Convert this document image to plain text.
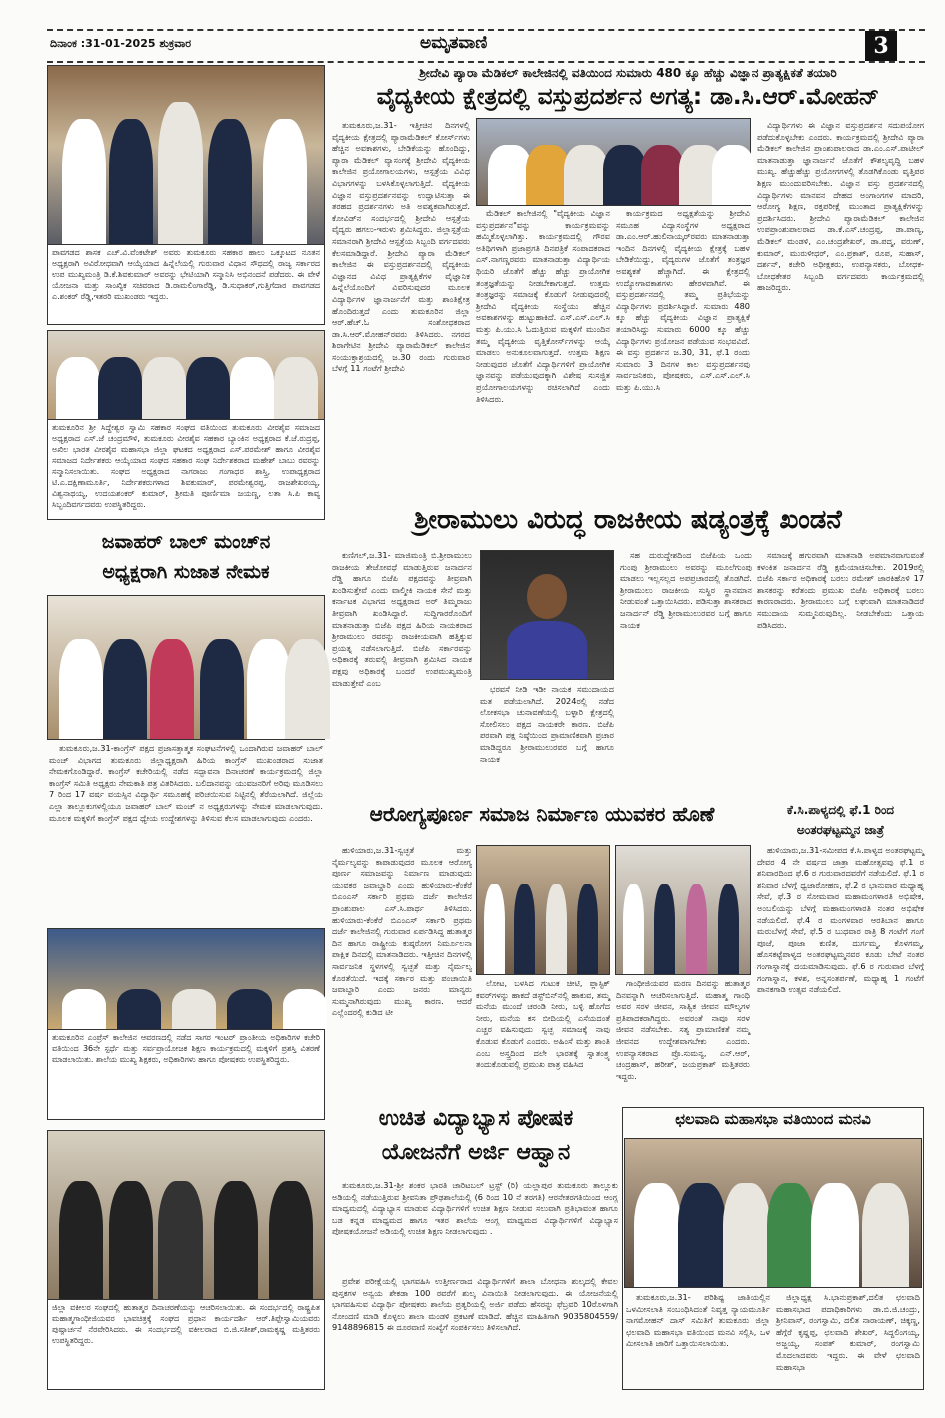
ದಿನಾಂಕ :31-01-2025 ಶುಕ್ರವಾರ	ಅಮೃತವಾಣಿ	3
ಪಾವಗಡದ ಶಾಸಕ ಎಚ್.ವಿ.ವೆಂಕಟೇಶ್ ಅವರು ತುಮಕೂರು ಸಹಕಾರ ಹಾಲು ಒಕ್ಕೂಟದ ನೂತನ ಅಧ್ಯಕ್ಷರಾಗಿ ಅವಿರೋಧವಾಗಿ ಆಯ್ಕೆಯಾದ ಹಿನ್ನೆಲೆಯಲ್ಲಿ ಗುರುವಾರ ವಿಧಾನ ಸೌಧದಲ್ಲಿ ರಾಜ್ಯ ಸರ್ಕಾರದ ಉಪ ಮುಖ್ಯಮಂತ್ರಿ ಡಿ.ಕೆ.ಶಿವಕುಮಾರ್ ಅವರನ್ನು ಭೇಟಿಯಾಗಿ ಸನ್ಮಾನಿಸಿ ಅಭಿನಂದನೆ ಪಡೆದರು. ಈ ವೇಳೆ ಯೋಜನಾ ಮತ್ತು ಸಾಂಖ್ಯಿಕ ಸಚಿವರಾದ ಡಿ.ರಾಮಲಿಂಗಾರೆಡ್ಡಿ, ಡಿ.ಸುಧಾಕರ್,ಗುತ್ತಿಗೆದಾರ ಪಾವಗಡದ ಎ.ಶಂಕರ್ ರೆಡ್ಡಿ,ಇತರರಿ ಮುಖಂಡರು ಇದ್ದರು.
ತುಮಕೂರಿನ ಶ್ರೀ ಸಿದ್ದೇಶ್ವರ ಸ್ವಾಮಿ ಸಹಕಾರ ಸಂಘದ ವತಿಯಿಂದ ತುಮಕೂರು ವೀರಶೈವ ಸಮಾಜದ ಅಧ್ಯಕ್ಷರಾದ ಎಸ್.ಜೆ ಚಂದ್ರಮೌಳಿ, ತುಮಕೂರು ವೀರಶೈವ ಸಹಕಾರ ಬ್ಯಾಂಕಿನ ಅಧ್ಯಕ್ಷರಾದ ಕೆ.ಜೆ.ರುದ್ರಪ್ಪ, ಅಖಿಲ ಭಾರತ ವೀರಶೈವ ಮಹಾಸಭಾ ಜಿಲ್ಲಾ ಘಟಕದ ಅಧ್ಯಕ್ಷರಾದ ಎಸ್.ಪರಮೇಶ್ ಹಾಗೂ ವೀರಶೈವ ಸಮಾಜದ ನಿರ್ದೇಶಕರು ಆಯ್ಕೆಯಾದ ಸಂಘದ ಸಹಕಾರ ಸಂಘ ನಿರ್ದೇಶಕರಾದ ಮಹೇಶ್ ಬಾಬು ರವರನ್ನು ಸನ್ಮಾನಿಸಲಾಯಿತು. ಸಂಘದ ಅಧ್ಯಕ್ಷರಾದ ನಾಗರಾಜು ಗಂಗಾಧರ ಶಾಸ್ತ್ರಿ, ಉಪಾಧ್ಯಕ್ಷರಾದ ಟಿ.ಎ.ದಕ್ಷಿಣಾಮೂರ್ತಿ, ನಿರ್ದೇಶಕರುಗಳಾದ ಶಿವಕುಮಾರ್, ಪರಮೇಶ್ವರಪ್ಪ, ರಾಜಶೇಖರಯ್ಯ, ವಿಶ್ವನಾಥಯ್ಯ, ಉದಯಶಂಕರ್ ಕುಮಾರ್, ಶ್ರೀಮತಿ ಪೂರ್ಣಿಮಾ ಜಯಣ್ಣ, ಲತಾ ಸಿ.ಪಿ ಕಾವ್ಯ ಸಿಬ್ಬಂದಿವರ್ಗದವರು ಉಪಸ್ಥಿತರಿದ್ದರು.
ಜವಾಹರ್ ಬಾಲ್ ಮಂಚ್‌ನ
ಅಧ್ಯಕ್ಷರಾಗಿ ಸುಜಾತ ನೇಮಕ
ತುಮಕೂರು,ಜ.31-ಕಾಂಗ್ರೆಸ್ ಪಕ್ಷದ ಪ್ರಜಾಸತ್ತಾತ್ಮಕ ಸಂಘಟನೆಗಳಲ್ಲಿ ಒಂದಾಗಿರುವ ಜವಾಹರ್ ಬಾಲ್ ಮಂಚ್ ವಿಭಾಗದ ತುಮಕೂರು ಜಿಲ್ಲಾಧ್ಯಕ್ಷರಾಗಿ ಹಿರಿಯ ಕಾಂಗ್ರೆಸ್ ಮುಖಂಡರಾದ ಸುಜಾತ ನೇಮಕಗೊಂಡಿದ್ದಾರೆ. ಕಾಂಗ್ರೆಸ್ ಕಚೇರಿಯಲ್ಲಿ ನಡೆದ ಸದ್ಭಾವನಾ ದಿನಾಚರಣೆ ಕಾರ್ಯಕ್ರಮದಲ್ಲಿ ಜಿಲ್ಲಾ ಕಾಂಗ್ರೆಸ್ ಸಮಿತಿ ಅಧ್ಯಕ್ಷರು ನೇಮಕಾತಿ ಪತ್ರ ವಿತರಿಸಿದರು. ಬಲಿದಾನವನ್ನು ಯುವಜನರಿಗೆ ಅರಿವು ಮೂಡಿಸಲು 7 ರಿಂದ 17 ವರ್ಷ ವಯಸ್ಸಿನ ವಿದ್ಯಾರ್ಥಿ ಸಮೂಹಕ್ಕೆ ಪರಿಚಯಿಸುವ ನಿಟ್ಟಿನಲ್ಲಿ ತೆರೆಯಲಾಗಿದೆ. ಜಿಲ್ಲೆಯ ಎಲ್ಲಾ ತಾಲ್ಲೂಕುಗಳಲ್ಲಿಯೂ ಜವಾಹರ್ ಬಾಲ್ ಮಂಚ್ ನ ಅಧ್ಯಕ್ಷರುಗಳನ್ನು ನೇಮಕ ಮಾಡಲಾಗುವುದು. ಮೂಲಕ ಮಕ್ಕಳಿಗೆ ಕಾಂಗ್ರೆಸ್ ಪಕ್ಷದ ಧ್ಯೇಯ ಉದ್ದೇಶಗಳನ್ನು ತಿಳಿಸುವ ಕೆಲಸ ಮಾಡಲಾಗುವುದು ಎಂದರು.
ತುಮಕೂರಿನ ಎಂಪ್ರೆಸ್ ಕಾಲೇಜಿನ ಆವರಣದಲ್ಲಿ ನಡೆದ ಸಾಗರ ಇಂಟರ್ ಪ್ರಾಂತೀಯ ಅಧಿಕಾರಿಗಳ ಕಚೇರಿ ವತಿಯಿಂದ 36ನೇ ಸ್ಪರ್ಧೆ ಮತ್ತು ಸರ್ವಪ್ರಾಯೋಜಕ ಶಿಕ್ಷಣ ಕಾರ್ಯಕ್ರಮದಲ್ಲಿ ಮಕ್ಕಳಿಗೆ ಪ್ರಶಸ್ತಿ ವಿತರಣೆ ಮಾಡಲಾಯಿತು. ಶಾಲೆಯ ಮುಖ್ಯ ಶಿಕ್ಷಕರು, ಅಧಿಕಾರಿಗಳು ಹಾಗೂ ಪೋಷಕರು ಉಪಸ್ಥಿತರಿದ್ದರು.
ಜಿಲ್ಲಾ ವಕೀಲರ ಸಂಘದಲ್ಲಿ ಹುತಾತ್ಮರ ದಿನಾಚರಣೆಯನ್ನು ಆಚರಿಸಲಾಯಿತು. ಈ ಸಂದರ್ಭದಲ್ಲಿ ರಾಷ್ಟ್ರಪಿತ ಮಹಾತ್ಮಗಾಂಧೀಜಿಯವರ ಭಾವಚಿತ್ರಕ್ಕೆ ಸಂಘದ ಪ್ರಧಾನ ಕಾರ್ಯದರ್ಶಿ ಆರ್.ತಿಪ್ಪೇಸ್ವಾಮಿಯವರು ಪುಷ್ಪಾರ್ಚನೆ ನೆರವೇರಿಸಿದರು. ಈ ಸಂದರ್ಭದಲ್ಲಿ ವಕೀಲರಾದ ಬಿ.ಜಿ.ಸತೀಶ್,ರಾಮಕೃಷ್ಣ ಮತ್ತಿತರರು ಉಪಸ್ಥಿತರಿದ್ದರು.
ಶ್ರೀದೇವಿ ಪ್ಯಾರಾ ಮೆಡಿಕಲ್ ಕಾಲೇಜಿನಲ್ಲಿ ವತಿಯಿಂದ ಸುಮಾರು 480 ಕ್ಕೂ ಹೆಚ್ಚು ವಿಜ್ಞಾನ ಪ್ರಾತ್ಯಕ್ಷಿಕತೆ ತಯಾರಿ
ವೈದ್ಯಕೀಯ ಕ್ಷೇತ್ರದಲ್ಲಿ ವಸ್ತುಪ್ರದರ್ಶನ ಅಗತ್ಯ: ಡಾ.ಸಿ.ಆರ್.ಮೋಹನ್
ತುಮಕೂರು,ಜ.31- ಇತ್ತೀಚಿನ ದಿನಗಳಲ್ಲಿ ವೈದ್ಯಕೀಯ ಕ್ಷೇತ್ರದಲ್ಲಿ ಪ್ಯಾರಾಮೆಡಿಕಲ್ ಕೋರ್ಸ್‌ಗಳು ಹೆಚ್ಚಿನ ಅವಕಾಶಗಳು, ಬೇಡಿಕೆಯನ್ನು ಹೊಂದಿದ್ದು, ಪ್ಯಾರಾ ಮೆಡಿಕಲ್ ವ್ಯಾಸಂಗಕ್ಕೆ ಶ್ರೀದೇವಿ ವೈದ್ಯಕೀಯ ಕಾಲೇಜಿನ ಪ್ರಯೋಗಾಲಯಗಳು, ಆಸ್ಪತ್ರೆಯ ವಿವಿಧ ವಿಭಾಗಗಳನ್ನು ಬಳಸಿಕೊಳ್ಳಲಾಗುತ್ತಿದೆ. ವೈದ್ಯಕೀಯ ವಿಜ್ಞಾನ ವಸ್ತುಪ್ರದರ್ಶನವನ್ನು ಉದ್ಘಾಟಿಸುತ್ತಾ ಈ ತರಹದ ಪ್ರದರ್ಶನಗಳು ಅತಿ ಅವಶ್ಯಕವಾಗಿರುತ್ತದೆ. ಕೋವಿಡ್‌ನ ಸಂದರ್ಭದಲ್ಲಿ ಶ್ರೀದೇವಿ ಆಸ್ಪತ್ರೆಯ ವೈದ್ಯರು ಹಗಲು-ಇರುಳು ಶ್ರಮಿಸಿದ್ದರು. ಜಿಲ್ಲಾಸ್ಪತ್ರೆಯ ಸಮಾನರಾಗಿ ಶ್ರೀದೇವಿ ಆಸ್ಪತ್ರೆಯ ಸಿಬ್ಬಂದಿ ವರ್ಗದವರು ಕೆಲಸಮಾಡಿದ್ದಾರೆ. ಶ್ರೀದೇವಿ ಪ್ಯಾರಾ ಮೆಡಿಕಲ್ ಕಾಲೇಜಿನ ಈ ವಸ್ತುಪ್ರದರ್ಶನದಲ್ಲಿ ವೈದ್ಯಕೀಯ ವಿಜ್ಞಾನದ ವಿವಿಧ ಪ್ರಾತ್ಯಕ್ಷಿಕೆಗಳ ವೈಜ್ಞಾನಿಕ ಹಿನ್ನೆಲೆಯೊಂದಿಗೆ ವಿವರಿಸುವುದರ ಮೂಲಕ ವಿದ್ಯಾರ್ಥಿಗಳ ಜ್ಞಾನಾರ್ಜನೆಗೆ ಮತ್ತು ಶಾಂತಿಕ್ಷೇತ್ರ ಹೊಂದಿರುತ್ತದೆ ಎಂದು ತುಮಕೂರಿನ ಜಿಲ್ಲಾ ಆರ್.ಹೆಚ್.ಓ ಸಂಶೋಧಕರಾದ ಡಾ.ಸಿ.ಆರ್.ಮೋಹನ್‌ರವರು ತಿಳಿಸಿದರು. ನಗರದ ಶಿರಾಗೇಟಿನ ಶ್ರೀದೇವಿ ಪ್ಯಾರಾಮೆಡಿಕಲ್ ಕಾಲೇಜಿನ ಸಂಯುಕ್ತಾಶ್ರಯದಲ್ಲಿ ಜ.30 ರಂದು ಗುರುವಾರ ಬೆಳಗ್ಗೆ 11 ಗಂಟೆಗೆ ಶ್ರೀದೇವಿ
ಮೆಡಿಕಲ್ ಕಾಲೇಜಿನಲ್ಲಿ "ವೈದ್ಯಕೀಯ ವಿಜ್ಞಾನ ವಸ್ತುಪ್ರದರ್ಶನ"ವನ್ನು ಕಾರ್ಯಕ್ರಮವನ್ನು ಹಮ್ಮಿಕೊಳ್ಳಲಾಗಿತ್ತು. ಕಾರ್ಯಕ್ರಮದಲ್ಲಿ ಗೌರವ ಅತಿಥಿಗಳಾಗಿ ಪ್ರಜಾಪ್ರಗತಿ ದಿನಪತ್ರಿಕೆ ಸಂಪಾದಕರಾದ ಎಸ್.ನಾಗಣ್ಣರವರು ಮಾತನಾಡುತ್ತಾ ವಿದ್ಯಾರ್ಥಿಯ ಥಿಯರಿ ಜೊತೆಗೆ ಹೆಚ್ಚು ಹೆಚ್ಚು ಪ್ರಾಯೋಗಿಕ ತಂತ್ರಜ್ಞತೆಯನ್ನು ನೀಡಬೇಕಾಗುತ್ತದೆ. ಉತ್ತಮ ತಂತ್ರಜ್ಞರನ್ನು ಸಮಾಜಕ್ಕೆ ಕೊಡುಗೆ ನೀಡುವುದರಲ್ಲಿ ಶ್ರೀದೇವಿ ವೈದ್ಯಕೀಯ ಸಂಸ್ಥೆಯು ಹೆಚ್ಚಿನ ಅವಕಾಶಗಳನ್ನು ಹುಟ್ಟುಹಾಕಿದೆ. ಎಸ್.ಎಸ್.ಎಲ್.ಸಿ ಮತ್ತು ಪಿ.ಯು.ಸಿ ಓದುತ್ತಿರುವ ಮಕ್ಕಳಿಗೆ ಮುಂದಿನ ತಮ್ಮ ವೈದ್ಯಕೀಯ ವೃತ್ತಿಕೋರ್ಸ್‌ಗಳನ್ನು ಆಯ್ಕೆ ಮಾಡಲು ಅನುಕೂಲವಾಗುತ್ತದೆ. ಉತ್ತಮ ಶಿಕ್ಷಣ ನೀಡುವುದರ ಜೊತೆಗೆ ವಿದ್ಯಾರ್ಥಿಗಳಿಗೆ ಪ್ರಾಯೋಗಿಕ ಜ್ಞಾನವನ್ನು ಪಡೆಯುವುದಕ್ಕಾಗಿ ವಿಶೇಷ ಸುಸಜ್ಜಿತ ಪ್ರಯೋಗಾಲಯಗಳನ್ನು ರಚಿಸಲಾಗಿದೆ ಎಂದು ತಿಳಿಸಿದರು.
ಕಾರ್ಯಕ್ರಮದ ಅಧ್ಯಕ್ಷತೆಯನ್ನು ಶ್ರೀದೇವಿ ಸಮೂಹ ವಿದ್ಯಾಸಂಸ್ಥೆಗಳ ಅಧ್ಯಕ್ಷರಾದ ಡಾ.ಎಂ.ಆರ್.ಹುಲಿನಾಯ್ಕರ್‌ರವರು ಮಾತನಾಡುತ್ತಾ ಇಂದಿನ ದಿನಗಳಲ್ಲಿ ವೈದ್ಯಕೀಯ ಕ್ಷೇತ್ರಕ್ಕೆ ಬಹಳ ಬೇಡಿಕೆಯಿದ್ದು, ವೈದ್ಯರುಗಳ ಜೊತೆಗೆ ತಂತ್ರಜ್ಞರ ಅವಶ್ಯಕತೆ ಹೆಚ್ಚಾಗಿದೆ. ಈ ಕ್ಷೇತ್ರದಲ್ಲಿ ಉದ್ಯೋಗಾವಕಾಶಗಳು ಹೇರಳವಾಗಿವೆ. ಈ ವಸ್ತುಪ್ರದರ್ಶನದಲ್ಲಿ ತಮ್ಮ ಪ್ರತಿಭೆಯನ್ನು ವಿದ್ಯಾರ್ಥಿಗಳು ಪ್ರದರ್ಶಿಸಿದ್ದಾರೆ. ಸುಮಾರು 480 ಕ್ಕೂ ಹೆಚ್ಚು ವೈದ್ಯಕೀಯ ವಿಜ್ಞಾನ ಪ್ರಾತ್ಯಕ್ಷಿಕೆ ತಯಾರಿಸಿದ್ದು ಸುಮಾರು 6000 ಕ್ಕೂ ಹೆಚ್ಚು ವಿದ್ಯಾರ್ಥಿಗಳು ಪ್ರಯೋಜನ ಪಡೆಯುವ ಸಂಭವವಿದೆ. ಈ ವಸ್ತು ಪ್ರದರ್ಶನ ಜ.30, 31, ಫೆ.1 ರಂದು ಸುಮಾರು 3 ದಿನಗಳ ಕಾಲ ವಸ್ತುಪ್ರದರ್ಶನವು ಸಾರ್ವಜನಿಕರು, ಪೋಷಕರು, ಎಸ್.ಎಸ್.ಎಲ್.ಸಿ ಮತ್ತು ಪಿ.ಯು.ಸಿ
ವಿದ್ಯಾರ್ಥಿಗಳು ಈ ವಿಜ್ಞಾನ ವಸ್ತುಪ್ರದರ್ಶನ ಸದುಪಯೋಗ ಪಡೆದುಕೊಳ್ಳಬೇಕು ಎಂದರು. ಕಾರ್ಯಕ್ರಮದಲ್ಲಿ ಶ್ರೀದೇವಿ ಪ್ಯಾರಾ ಮೆಡಿಕಲ್ ಕಾಲೇಜಿನ ಪ್ರಾಂಶುಪಾಲರಾದ ಡಾ.ಎಂ.ಎಸ್.ಪಾಟೀಲ್ ಮಾತನಾಡುತ್ತಾ ಜ್ಞಾನಾರ್ಜನೆ ಜೊತೆಗೆ ಕೌಶಲ್ಯವೃದ್ಧಿ ಬಹಳ ಮುಖ್ಯ. ಹೆಚ್ಚುಹೆಚ್ಚು ಪ್ರಯೋಗಗಳಲ್ಲಿ ತೊಡಗಿಕೊಂಡು ವೃತ್ತಿಪರ ಶಿಕ್ಷಣ ಮುಂದುವರಿಸಬೇಕು. ವಿಜ್ಞಾನ ವಸ್ತು ಪ್ರದರ್ಶನದಲ್ಲಿ ವಿದ್ಯಾರ್ಥಿಗಳು ಮಾನವನ ದೇಹದ ಅಂಗಾಂಗಗಳ ಮಾದರಿ, ಆರೋಗ್ಯ ಶಿಕ್ಷಣ, ರಕ್ತಪರೀಕ್ಷೆ ಮುಂತಾದ ಪ್ರಾತ್ಯಕ್ಷಿಕೆಗಳನ್ನು ಪ್ರದರ್ಶಿಸಿದರು. ಶ್ರೀದೇವಿ ಪ್ಯಾರಾಮೆಡಿಕಲ್ ಕಾಲೇಜಿನ ಉಪಪ್ರಾಂಶುಪಾಲರಾದ ಡಾ.ಕೆ.ಎಸ್.ಚಂದ್ರಪ್ಪ, ಡಾ.ಪಾಣ್ಯ, ಮೆಡಿಕಲ್ ಮಂಡಳಿ, ಎಂ.ಚಂದ್ರಶೇಖರ್, ಡಾ.ಪದ್ಮ, ವರುಣ್, ಕುಮಾರ್, ಮುರುಳೀಧರ್, ಎಂ.ಪ್ರಕಾಶ್, ರೂಪ, ಸುಹಾಸ್, ದರ್ಶನ್, ಕಚೇರಿ ಅಧೀಕ್ಷಕರು, ಉಪನ್ಯಾಸಕರು, ಬೋಧಕ-ಬೋಧಕೇತರ ಸಿಬ್ಬಂದಿ ವರ್ಗದವರು ಕಾರ್ಯಕ್ರಮದಲ್ಲಿ ಹಾಜರಿದ್ದರು.
ಶ್ರೀರಾಮುಲು ವಿರುದ್ಧ ರಾಜಕೀಯ ಷಡ್ಯಂತ್ರಕ್ಕೆ ಖಂಡನೆ
ಕುಣಿಗಲ್,ಜ.31- ಮಾಜಿಮಂತ್ರಿ ಬಿ.ಶ್ರೀರಾಮುಲು ರಾಜಕೀಯ ತೇಜೋವಧೆ ಮಾಡುತ್ತಿರುವ ಜನಾರ್ದನ ರೆಡ್ಡಿ ಹಾಗೂ ಬಿಜೆಪಿ ಪಕ್ಷದವನ್ನು ತೀವ್ರವಾಗಿ ಖಂಡಿಸುತ್ತೇವೆ ಎಂದು ವಾಲ್ಮೀಕಿ ನಾಯಕ ಸೇನೆ ಮತ್ತು ಕರ್ನಾಟಕ ವಿಭಾಗದ ಅಧ್ಯಕ್ಷರಾದ ಅರ್ ತಿಮ್ಮರಾಜು ತೀವ್ರವಾಗಿ ಖಂಡಿಸಿದ್ದಾರೆ. ಸುದ್ದಿಗಾರರೊಂದಿಗೆ ಮಾತನಾಡುತ್ತಾ ಬಿಜೆಪಿ ಪಕ್ಷದ ಹಿರಿಯ ನಾಯಕರಾದ ಶ್ರೀರಾಮುಲು ರವರನ್ನು ರಾಜಕೀಯವಾಗಿ ಹತ್ತಿಕ್ಕುವ ಪ್ರಯತ್ನ ನಡೆಸಲಾಗುತ್ತಿದೆ. ಬಿಜೆಪಿ ಸರ್ಕಾರವನ್ನು ಅಧಿಕಾರಕ್ಕೆ ತರುವಲ್ಲಿ ತೀವ್ರವಾಗಿ ಶ್ರಮಿಸಿದ ನಾಯಕ ಪಕ್ಷವು ಅಧಿಕಾರಕ್ಕೆ ಬಂದರೆ ಉಪಮುಖ್ಯಮಂತ್ರಿ ಮಾಡುತ್ತೇವೆ ಎಂಬ
ಭರವಸೆ ನೀಡಿ ಇಡೀ ನಾಯಕ ಸಮುದಾಯದ ಮತ ಪಡೆಯಲಾಗಿದೆ. 2024ರಲ್ಲಿ ನಡೆದ ಲೋಕಸಭಾ ಚುನಾವಣೆಯಲ್ಲಿ ಬಳ್ಳಾರಿ ಕ್ಷೇತ್ರದಲ್ಲಿ ಸೋಲಿಸಲು ಪಕ್ಷದ ನಾಯಕರೇ ಕಾರಣ. ಬಿಜೆಪಿ ಪರವಾಗಿ ಪಕ್ಷ ನಿಷ್ಠೆಯಿಂದ ಪ್ರಾಮಾಣಿಕವಾಗಿ ಪ್ರಚಾರ ಮಾಡಿದ್ದರೂ ಶ್ರೀರಾಮುಲುರವರ ಬಗ್ಗೆ ಹಾಗೂ ನಾಯಕ
ಸಹ ದುರುದ್ದೇಶದಿಂದ ಬಿಜೆಪಿಯ ಒಂದು ಗುಂಪು ಶ್ರೀರಾಮುಲು ಅವರನ್ನು ಮೂಲೆಗುಂಪು ಮಾಡಲು ಇಲ್ಲಸಲ್ಲದ ಅಪಪ್ರಚಾರದಲ್ಲಿ ತೊಡಗಿದೆ. ಶ್ರೀರಾಮುಲು ರಾಜಕೀಯ ಸುಸ್ಥಿರ ಸ್ಥಾನಮಾನ ನೀಡುವಂತೆ ಒತ್ತಾಯಿಸಿದರು. ಪಡಿಸುತ್ತಾ ಶಾಸಕರಾದ ಜನಾರ್ದನ್ ರೆಡ್ಡಿ ಶ್ರೀರಾಮುಲುರವರ ಬಗ್ಗೆ ಹಾಗೂ ನಾಯಕ
ಸಮಾಜಕ್ಕೆ ಹಗುರವಾಗಿ ಮಾತನಾಡಿ ಅಪಮಾನವಾಗುವಂತೆ ಕಳಂಕಿತ ಜನಾರ್ದನ ರೆಡ್ಡಿ ಕ್ಷಮೆಯಾಚಿಸಬೇಕು. 2019ರಲ್ಲಿ ಬಿಜೆಪಿ ಸರ್ಕಾರ ಅಧಿಕಾರಕ್ಕೆ ಬರಲು ರಮೇಶ್ ಜಾರಕಿಹೊಳಿ 17 ಶಾಸಕರನ್ನು ಕರೆತಂದು ಪ್ರಮುಖ ಬಿಜೆಪಿ ಅಧಿಕಾರಕ್ಕೆ ಬರಲು ಕಾರಣರಾದರು. ಶ್ರೀರಾಮುಲು ಬಗ್ಗೆ ಲಘುವಾಗಿ ಮಾತನಾಡಿದರೆ ಸಮುದಾಯ ಸುಮ್ಮನಿರುವುದಿಲ್ಲ. ನೀಡಬೇಕೆಂದು ಒತ್ತಾಯ ಪಡಿಸಿದರು.
ಆರೋಗ್ಯಪೂರ್ಣ ಸಮಾಜ ನಿರ್ಮಾಣ ಯುವಕರ ಹೊಣೆ
ಹುಳಿಯಾರು,ಜ.31-ಸ್ವಚ್ಛತೆ ಮತ್ತು ನೈರ್ಮಲ್ಯವನ್ನು ಕಾಪಾಡುವುದರ ಮೂಲಕ ಆರೋಗ್ಯ ಪೂರ್ಣ ಸಮಾಜವನ್ನು ನಿರ್ಮಾಣ ಮಾಡುವುದು ಯುವಕರ ಜವಾಬ್ದಾರಿ ಎಂದು ಹುಳಿಯಾರು-ಕೆಂಕೆರೆ ಬಿಎಂಎಸ್ ಸರ್ಕಾರಿ ಪ್ರಥಮ ದರ್ಜೆ ಕಾಲೇಜಿನ ಪ್ರಾಂಶುಪಾಲ ಎಸ್.ಸಿ.ಪಾರ್ಥ ತಿಳಿಸಿದರು. ಹುಳಿಯಾರು-ಕೆಂಕೆರೆ ಬಿಎಂಎಸ್ ಸರ್ಕಾರಿ ಪ್ರಥಮ ದರ್ಜೆ ಕಾಲೇಜಿನಲ್ಲಿ ಗುರುವಾರ ಏರ್ಪಡಿಸಿದ್ದ ಹುತಾತ್ಮರ ದಿನ ಹಾಗೂ ರಾಷ್ಟ್ರೀಯ ಕುಷ್ಠರೋಗ ನಿರ್ಮೂಲನಾ ಪಾಕ್ಷಿಕ ದಿನದಲ್ಲಿ ಮಾತನಾಡಿದರು. ಇತ್ತೀಚಿನ ದಿನಗಳಲ್ಲಿ ಸಾರ್ವಜನಿಕ ಸ್ಥಳಗಳಲ್ಲಿ ಸ್ವಚ್ಛತೆ ಮತ್ತು ನೈರ್ಮಲ್ಯ ಕೊರತೆಯಿದೆ. ಇದಕ್ಕೆ ಸರ್ಕಾರ ಮತ್ತು ಪಂಚಾಯಿತಿ ಜವಾಬ್ದಾರಿ ಎಂದು ಜನರು ಮಾನ್ಯರು ಸುಮ್ಮನಾಗಿರುವುದು ಮುಖ್ಯ ಕಾರಣ. ಆದರೆ ಎಲ್ಲೆಂದರಲ್ಲಿ ಕುಡಿದ ಟೀ
ಲೋಟ, ಬಳಸಿದ ಗುಟುಕ ಚೀಟಿ, ಪ್ಲಾಸ್ಟಿಕ್ ಕವರ್‌ಗಳನ್ನು ಹಾಕದೆ ಡಸ್ಟ್‌ಬಿನ್‌ನಲ್ಲಿ ಹಾಕುವ, ತಮ್ಮ ಮನೆಯ ಮುಂದೆ ಚರಂಡಿ ನೀರು, ಬಳ್ಳಿ ಹೊಗೆದ ನೀರು, ಮನೆಯ ಕಸ ಬೀದಿಯಲ್ಲಿ ಎಸೆಯದಂತೆ ಎಚ್ಚರ ವಹಿಸುವುದು ಸ್ವಚ್ಛ ಸಮಾಜಕ್ಕೆ ನಾವು ಕೊಡುವ ಕೊಡುಗೆ ಎಂದರು. ಅಹಿಂಸೆ ಮತ್ತು ಶಾಂತಿ ಎಂಬ ಅಸ್ತ್ರದಿಂದ ದಲೇ ಭಾರತಕ್ಕೆ ಸ್ವಾತಂತ್ರ್ಯ ತಂದುಕೊಡುವಲ್ಲಿ ಪ್ರಮುಖ ಪಾತ್ರ ವಹಿಸಿದ
ಗಾಂಧೀಜಿಯವರ ಮರಣ ದಿನವನ್ನು ಹುತಾತ್ಮರ ದಿನವನ್ನಾಗಿ ಆಚರಿಸಲಾಗುತ್ತಿದೆ. ಮಹಾತ್ಮ ಗಾಂಧಿ ಅವರ ಸರಳ ಜೀವನ, ಸಾತ್ವಿಕ ಜೀವನ ಮೌಲ್ಯಗಳ ಪ್ರತಿಪಾದಕರಾಗಿದ್ದರು. ಅವರಂತೆ ನಾವೂ ಸರಳ ಜೀವನ ನಡೆಸಬೇಕು. ಸತ್ಯ ಪ್ರಾಮಾಣಿಕತೆ ನಮ್ಮ ಜೀವನದ ಉದ್ದೇಶವಾಗಬೇಕು ಎಂದರು. ಉಪನ್ಯಾಸಕರಾದ ಪ್ರೊ.ಸುಮನ್ಯ, ಎನ್.ಆರ್, ಚಂದ್ರಹಾಸ್, ಹರೀಶ್, ಜಯಪ್ರಕಾಶ್ ಮತ್ತಿತರರು ಇದ್ದರು.
ಕೆ.ಸಿ.ಪಾಳ್ಯದಲ್ಲಿ ಫೆ.1 ರಿಂದ
ಅಂತರಘಟ್ಟಮ್ಮನ ಜಾತ್ರೆ
ಹುಳಿಯಾರು,ಜ.31-ಸಮೀಪದ ಕೆ.ಸಿ.ಪಾಳ್ಯದ ಅಂತರಘಟ್ಟಮ್ಮ ದೇವರ 4 ನೇ ವರ್ಷದ ಜಾತ್ರಾ ಮಹೋತ್ಸವವು ಫೆ.1 ರ ಶನಿವಾರದಿಂದ ಫೆ.6 ರ ಗುರುವಾರದವರೆಗೆ ನಡೆಯಲಿದೆ. ಫೆ.1 ರ ಶನಿವಾರ ಬೆಳಗ್ಗೆ ಧ್ವಜಾರೋಹಣ, ಫೆ.2 ರ ಭಾನುವಾರ ಮಧ್ಯಾಹ್ನ ಸೇವೆ, ಫೆ.3 ರ ಸೋಮವಾರ ಮಹಾಮಂಗಳಾರತಿ ಅಭಿಷೇಕ, ಅಂಬಲಿಯನ್ನು ಬೆಳಗ್ಗೆ ಮಹಾಮಂಗಳಾರತಿ ನಂತರ ಅಭಿಷೇಕ ನಡೆಯಲಿದೆ. ಫೆ.4 ರ ಮಂಗಳವಾರ ಆರತಿಬಾನ ಹಾಗೂ ಮರುಬೆಳಗ್ಗೆ ಸೇವೆ, ಫೆ.5 ರ ಬುಧವಾರ ರಾತ್ರಿ 8 ಗಂಟೆಗೆ ಗಂಗೆ ಪೂಜೆ, ಪೂಜಾ ಕುಣಿತ, ದುರ್ಗಮ್ಮ, ಕೊಳಗಮ್ಮ, ಹೊಸಕಟ್ಟೆಪಾಳ್ಯದ ಅಂತರಘಟ್ಟಮ್ಮನವರ ಕೂಡು ಬೇಟೆ ನಂತರ ಗಂಗಾಸ್ನಾನಕ್ಕೆ ದಯಮಾಡಿಸುವುದು. ಫೆ.6 ರ ಗುರುವಾರ ಬೆಳಗ್ಗೆ ಗಂಗಾಸ್ನಾನ, ಕಳಶ, ಅನ್ನಸಂತರ್ಪಣೆ, ಮಧ್ಯಾಹ್ನ 1 ಗಂಟೆಗೆ ಪಾನಕಗಾಡಿ ಉತ್ಸವ ನಡೆಯಲಿದೆ.
ಉಚಿತ ವಿದ್ಯಾಭ್ಯಾಸ ಪೋಷಕ
ಯೋಜನೆಗೆ ಅರ್ಜಿ ಆಹ್ವಾನ
ತುಮಕೂರು,ಜ.31-ಶ್ರೀ ಶಂಕರ ಭಾರತಿ ಚಾರಿಟಬಲ್ ಟ್ರಸ್ಟ್ (ರಿ) ಯಲ್ಲಾಪುರ ತುಮಕೂರು ತಾಲ್ಲೂಕು ಅಡಿಯಲ್ಲಿ ನಡೆಯುತ್ತಿರುವ ಶ್ರೀವನಿತಾ ಪ್ರೌಢಶಾಲೆಯಲ್ಲಿ (6 ರಿಂದ 10 ನೆ ತರಗತಿ) ಆರನೇತರಗತಿಯಿಂದ ಆಂಗ್ಲ ಮಾಧ್ಯಮದಲ್ಲಿ ವಿದ್ಯಾಭ್ಯಾಸ ಮಾಡುವ ವಿದ್ಯಾರ್ಥಿಗಳಿಗೆ ಉಚಿತ ಶಿಕ್ಷಣ ನೀಡುವ ಸಲುವಾಗಿ ಪ್ರತಿಭಾವಂತ ಹಾಗೂ ಬಡ ಕನ್ನಡ ಮಾಧ್ಯಮದ ಹಾಗೂ ಇತರ ಶಾಲೆಯ ಆಂಗ್ಲ ಮಾಧ್ಯಮದ ವಿದ್ಯಾರ್ಥಿಗಳಿಗೆ ವಿದ್ಯಾಭ್ಯಾಸ ಪೋಷಕಯೋಜನೆ ಅಡಿಯಲ್ಲಿ ಉಚಿತ ಶಿಕ್ಷಣ ನೀಡಲಾಗುವುದು .
ಪ್ರವೇಶ ಪರೀಕ್ಷೆಯಲ್ಲಿ ಭಾಗವಹಿಸಿ ಉತ್ತೀರ್ಣರಾದ ವಿದ್ಯಾರ್ಥಿಗಳಿಗೆ ಶಾಲಾ ಬೋಧನಾ ಶುಲ್ಕದಲ್ಲಿ ಕೇವಲ ಪುಸ್ತಕಗಳ ಅನ್ವಯ ಶೇಕಡಾ 100 ರವರೆಗೆ ಶುಲ್ಕ ವಿನಾಯಿತಿ ನೀಡಲಾಗುವುದು. ಈ ಯೋಜನೆಯಲ್ಲಿ ಭಾಗವಹಿಸುವ ವಿದ್ಯಾರ್ಥಿ ಪೋಷಕರು ಶಾಲೆಯ ಪ್ರತ್ಯರಿಯಲ್ಲಿ ಅರ್ಜಿ ಪಡೆದು ಹೆಸರನ್ನು ಫೆಬ್ರವರಿ 10ರೊಳಗಾಗಿ ನೋಂದಣಿ ಮಾಡಿ ಕೊಳ್ಳಲು ಶಾಲಾ ಮಂಡಳಿ ಪ್ರಕಟಣೆ ಮಾಡಿದೆ. ಹೆಚ್ಚಿನ ಮಾಹಿತಿಗಾಗಿ 9035804559/ 9148896815 ಈ ದೂರವಾಣಿ ಸಂಖ್ಯೆಗೆ ಸಂಪರ್ಕಿಸಲು ತಿಳಿಸಲಾಗಿದೆ.
ಛಲವಾದಿ ಮಹಾಸಭಾ ವತಿಯಿಂದ ಮನವಿ
ತುಮಕೂರು,ಜ.31- ಪರಿಶಿಷ್ಟ ಜಾತಿಯಲ್ಲಿನ ಒಳಮೀಸಲಾತಿ ಸಂಬಂಧಿಸಿದಂತೆ ನಿವೃತ್ತ ನ್ಯಾಯಮೂರ್ತಿ ನಾಗಮೋಹನ್ ದಾಸ್ ಸಮಿತಿಗೆ ತುಮಕೂರು ಜಿಲ್ಲಾ ಛಲವಾದಿ ಮಹಾಸಭಾ ವತಿಯಿಂದ ಮನವಿ ಸಲ್ಲಿಸಿ, ಒಳ ಮೀಸಲಾತಿ ಜಾರಿಗೆ ಒತ್ತಾಯಿಸಲಾಯಿತು.
ಜಿಲ್ಲಾಧ್ಯಕ್ಷ ಸಿ.ಭಾನುಪ್ರಕಾಶ್,ದಲಿತ ಛಲವಾದಿ ಮಹಾಸಭಾದ ಪದಾಧಿಕಾರಿಗಳು ಡಾ.ಬಿ.ಜಿ.ಚಂದ್ರು, ಶ್ರೀನಿವಾಸ್, ರಂಗಸ್ವಾಮಿ, ದಲಿತ ನಾರಾಯಣ್, ಚಿಕ್ಕಣ್ಣ, ಹೆಗ್ಗೆರೆ ಕೃಷ್ಣಪ್ಪ, ಛಲವಾದಿ ಶೇಖರ್, ಸಿದ್ದಲಿಂಗಯ್ಯ, ಅಜ್ಜಯ್ಯ, ಸಂಪತ್ ಕುಮಾರ್, ರಂಗಸ್ವಾಮಿ ಮೊದಲಾದವರು ಇದ್ದರು. ಈ ವೇಳೆ ಛಲವಾದಿ ಮಹಾಸಭಾ
